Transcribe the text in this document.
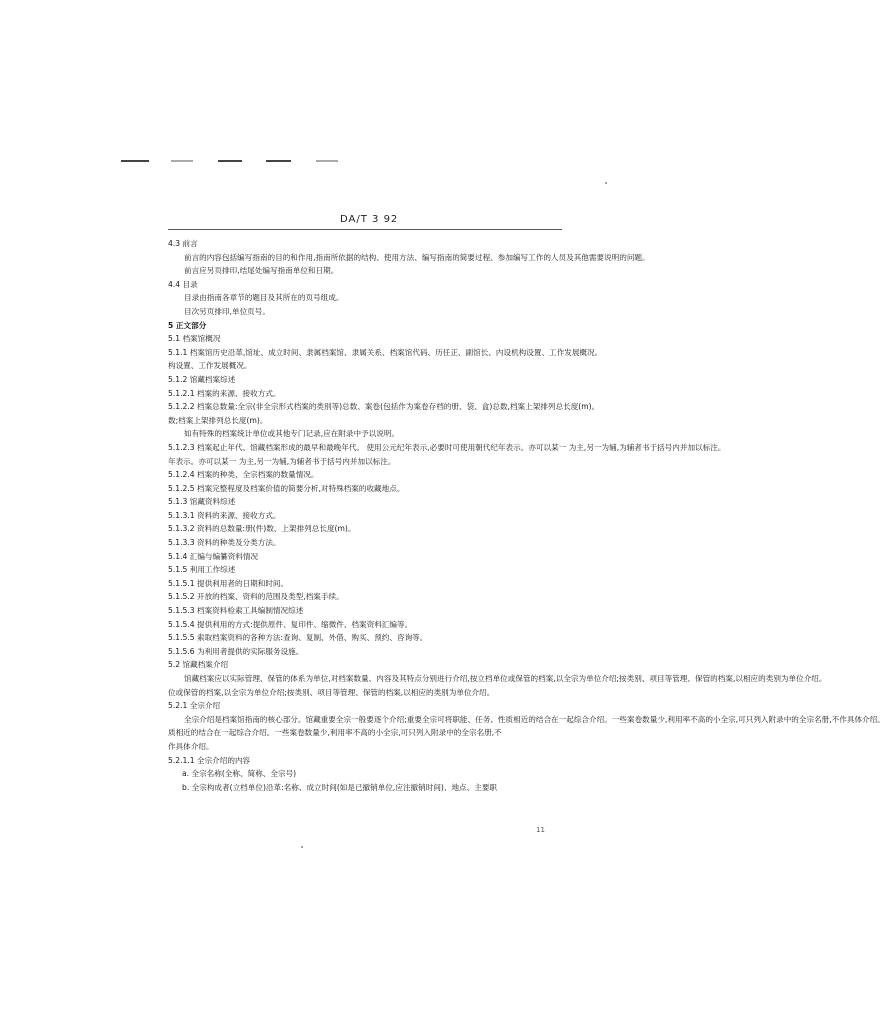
DA/T 3 92
4.3 前言
前言的内容包括编写指南的目的和作用,指南所依据的结构、使用方法、编写指南的简要过程、参加编写工作的人员及其他需要说明的问题。
前言应另页排印,结尾处编写指南单位和日期。
4.4 目录
目录由指南各章节的题目及其所在的页号组成。
目次另页排印,单位页号。
5 正文部分
5.1 档案馆概况
5.1.1 档案馆历史沿革,馆址、成立时间、隶属档案馆、隶属关系、档案馆代码、历任正、副馆长、内设机构设置、工作发展概况。
构设置、工作发展概况。
5.1.2 馆藏档案综述
5.1.2.1 档案的来源、接收方式。
5.1.2.2 档案总数量:全宗(非全宗形式档案的类别等)总数、案卷(包括作为案卷存档的册、袋、盒)总数,档案上架排列总长度(m)。
数;档案上架排列总长度(m)。
如有特殊的档案统计单位或其他专门记录,应在附录中予以说明。
5.1.2.3 档案起止年代、馆藏档案形成的最早和最晚年代。 使用公元纪年表示,必要时可使用朝代纪年表示。亦可以某一 为主,另一为辅,为辅者书于括号内并加以标注。
年表示。亦可以某一 为主,另一为辅,为辅者书于括号内并加以标注。
5.1.2.4 档案的种类、全宗档案的数量情况。
5.1.2.5 档案完整程度及档案价值的简要分析,对特殊档案的收藏地点。
5.1.3 馆藏资料综述
5.1.3.1 资料的来源、接收方式。
5.1.3.2 资料的总数量:册(件)数、上架排列总长度(m)。
5.1.3.3 资料的种类及分类方法。
5.1.4 汇编与编纂资料情况
5.1.5 利用工作综述
5.1.5.1 提供利用者的日期和时间。
5.1.5.2 开放的档案、资料的范围及类型,档案手续。
5.1.5.3 档案资料检索工具编制情况综述
5.1.5.4 提供利用的方式:提供原件、复印件、缩微件、档案资料汇编等。
5.1.5.5 索取档案资料的各种方法:查询、复制、外借、购买、预约、咨询等。
5.1.5.6 为利用者提供的实际服务设施。
5.2 馆藏档案介绍
馆藏档案应以实际管理、保管的体系为单位,对档案数量、内容及其特点分别进行介绍,按立档单位或保管的档案,以全宗为单位介绍;按类别、项目等管理、保管的档案,以相应的类别为单位介绍。
位或保管的档案,以全宗为单位介绍;按类别、项目等管理、保管的档案,以相应的类别为单位介绍。
5.2.1 全宗介绍
全宗介绍是档案馆指南的核心部分。馆藏重要全宗一般要逐个介绍;重要全宗可将职能、任务、性质相近的结合在一起综合介绍。一些案卷数量少,利用率不高的小全宗,可只列入附录中的全宗名册,不作具体介绍。
质相近的结合在一起综合介绍。一些案卷数量少,利用率不高的小全宗,可只列入附录中的全宗名册,不
作具体介绍。
5.2.1.1 全宗介绍的内容
a. 全宗名称(全称、简称、全宗号)
b. 全宗构成者(立档单位)沿革:名称、成立时间(如是已撤销单位,应注撤销时间)、地点、主要职
11
